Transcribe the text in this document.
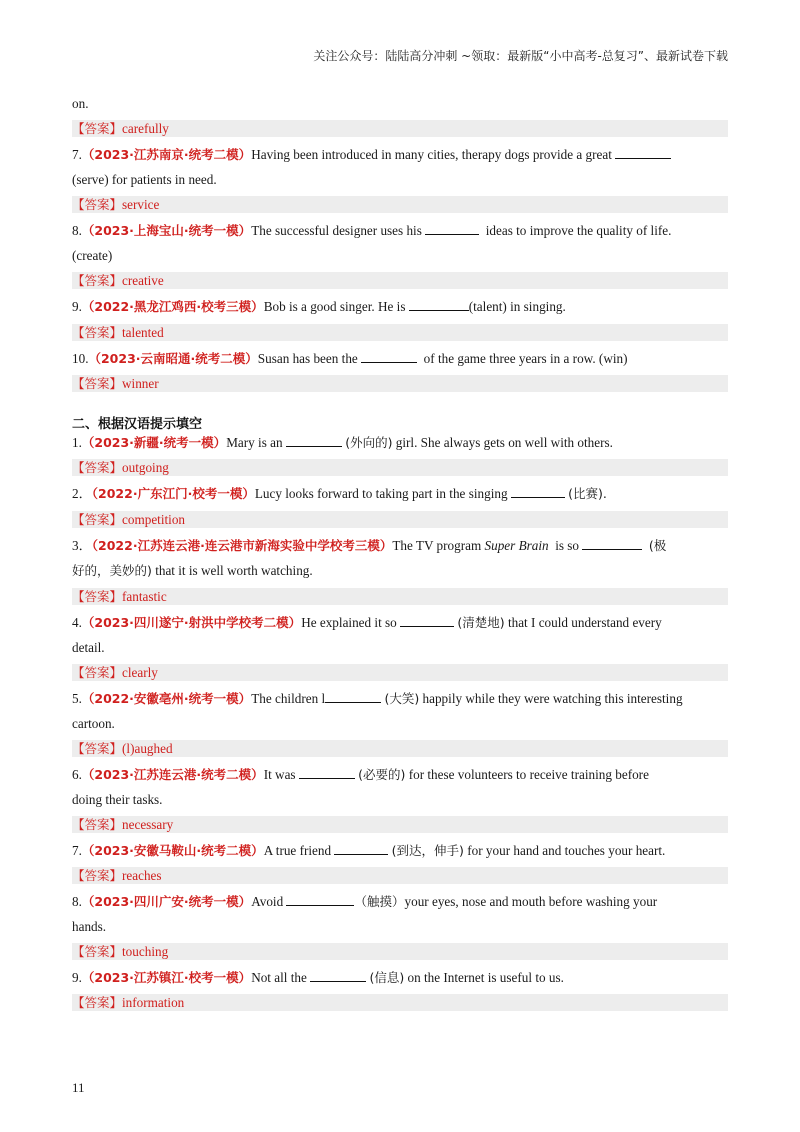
关注公众号：陆陆高分冲刺 ~领取：最新版“小中高考-总复习”、最新试卷下载
on.
【答案】carefully
7.（2023·江苏南京·统考二模）Having been introduced in many cities, therapy dogs provide a great
(serve) for patients in need.
【答案】service
8.（2023·上海宝山·统考一模）The successful designer uses his	ideas to improve the quality of life.
(create)
【答案】creative
9.（2022·黑龙江鸡西·校考三模）Bob is a good singer. He is	(talent) in singing.
【答案】talented
10.（2023·云南昭通·统考二模）Susan has been the	of the game three years in a row. (win)
【答案】winner
二、根据汉语提示填空
1.（2023·新疆·统考一模）Mary is an	(外向的) girl. She always gets on well with others.
【答案】outgoing
2．（2022·广东江门·校考一模）Lucy looks forward to taking part in the singing	(比赛).
【答案】competition
3．（2022·江苏连云港·连云港市新海实验中学校考三模）The TV program Super Brain is so	(极
好的，美妙的) that it is well worth watching.
【答案】fantastic
4.（2023·四川遂宁·射洪中学校考二模）He explained it so	(清楚地) that I could understand every
detail.
【答案】clearly
5.（2022·安徽亳州·统考一模）The children l	(大笑) happily while they were watching this interesting
cartoon.
【答案】(l)aughed
6.（2023·江苏连云港·统考二模）It was	(必要的) for these volunteers to receive training before
doing their tasks.
【答案】necessary
7.（2023·安徽马鞍山·统考二模）A true friend	(到达，伸手) for your hand and touches your heart.
【答案】reaches
8.（2023·四川广安·统考一模）Avoid	（触摸）your eyes, nose and mouth before washing your
hands.
【答案】touching
9.（2023·江苏镇江·校考一模）Not all the	(信息) on the Internet is useful to us.
【答案】information
11
